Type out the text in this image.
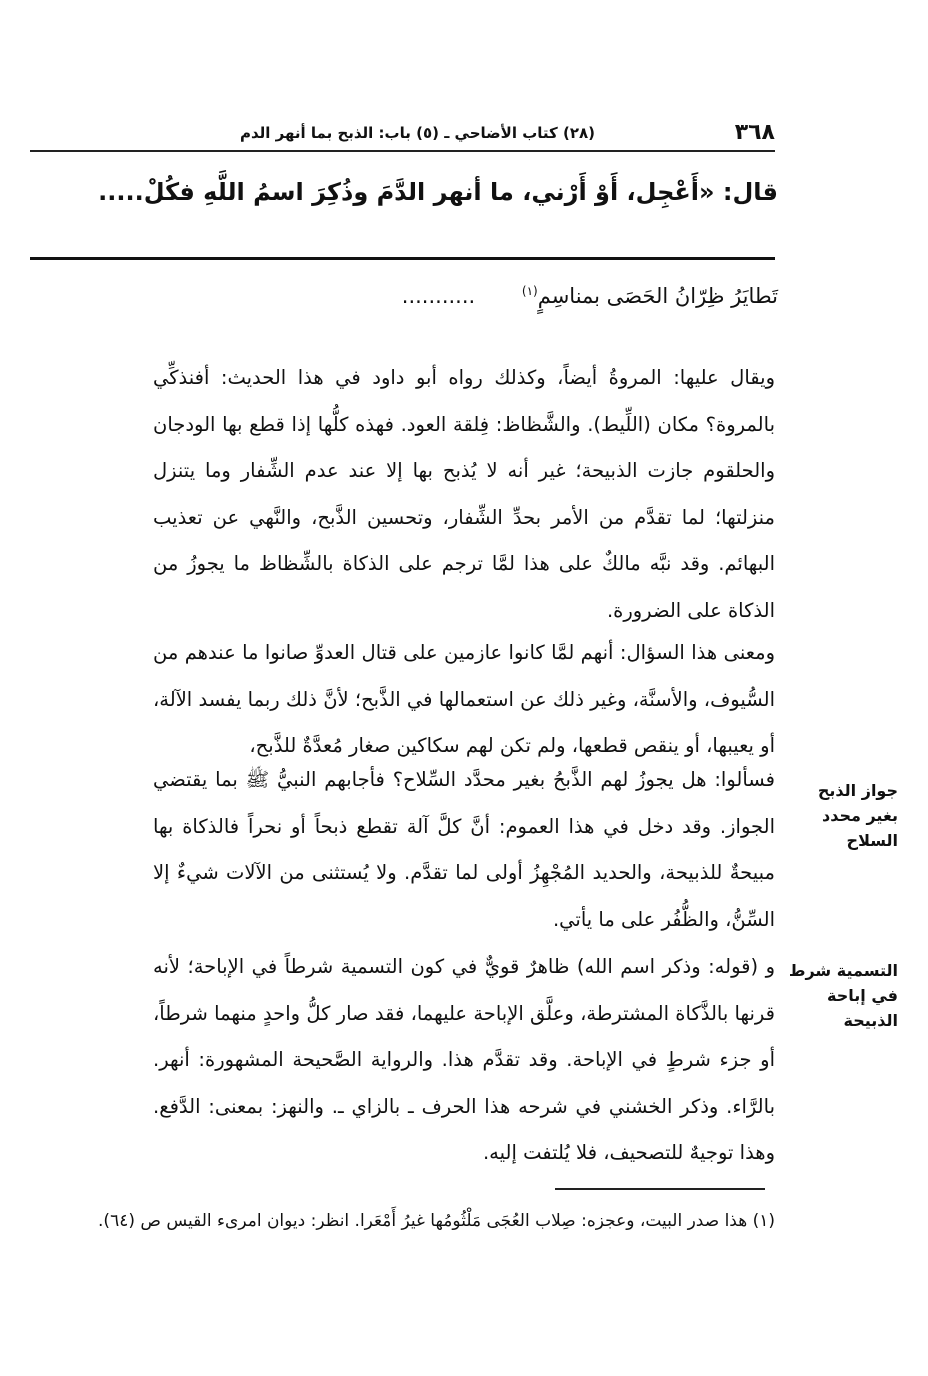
٣٦٨
(٢٨) كتاب الأضاحي ـ (٥) باب: الذبح بما أنهر الدم
قال: «أَعْجِل، أَوْ أَرْني، ما أنهر الدَّمَ وذُكِرَ اسمُ اللَّهِ فكُلْ.....
تَطايَرُ ظِرّانُ الحَصَى بمناسِمٍ$^{(١)}$ ...........
ويقال عليها: المروةُ أيضاً، وكذلك رواه أبو داود في هذا الحديث: أفنذكِّي بالمروة؟ مكان (اللِّيط). والشَّظاظ: فِلقة العود. فهذه كلُّها إذا قطع بها الودجان والحلقوم جازت الذبيحة؛ غير أنه لا يُذبح بها إلا عند عدم الشِّفار وما يتنزل منزلتها؛ لما تقدَّم من الأمر بحدِّ الشِّفار، وتحسين الذَّبح، والنَّهي عن تعذيب البهائم. وقد نبَّه مالكٌ على هذا لمَّا ترجم على الذكاة بالشِّظاظ ما يجوزُ من الذكاة على الضرورة.
ومعنى هذا السؤال: أنهم لمَّا كانوا عازمين على قتال العدوِّ صانوا ما عندهم من السُّيوف، والأسنَّة، وغير ذلك عن استعمالها في الذَّبح؛ لأنَّ ذلك ربما يفسد الآلة، أو يعيبها، أو ينقص قطعها، ولم تكن لهم سكاكين صغار مُعدَّةٌ للذَّبح،
فسألوا: هل يجوزُ لهم الذَّبحُ بغير محدَّد السِّلاح؟ فأجابهم النبيُّ ﷺ بما يقتضي الجواز. وقد دخل في هذا العموم: أنَّ كلَّ آلة تقطع ذبحاً أو نحراً فالذكاة بها مبيحةٌ للذبيحة، والحديد المُجْهِزُ أولى لما تقدَّم. ولا يُستثنى من الآلات شيءٌ إلا السِّنُّ، والظُّفُر على ما يأتي.
و (قوله: وذكر اسم الله) ظاهرٌ قويٌّ في كون التسمية شرطاً في الإباحة؛ لأنه قرنها بالذَّكاة المشترطة، وعلَّق الإباحة عليهما، فقد صار كلُّ واحدٍ منهما شرطاً، أو جزء شرطٍ في الإباحة. وقد تقدَّم هذا. والرواية الصَّحيحة المشهورة: أنهر. بالرَّاء. وذكر الخشني في شرحه هذا الحرف ـ بالزاي ـ. والنهز: بمعنى: الدَّفع. وهذا توجيهٌ للتصحيف، فلا يُلتفت إليه.
جواز الذبح بغير محدد السلاح
التسمية شرط في إباحة الذبيحة
(١) هذا صدر البيت، وعجزه: صِلاب العُجَى مَلْثُومُها غيرُ أَمْعَرا. انظر: ديوان امرىء القيس ص (٦٤).
